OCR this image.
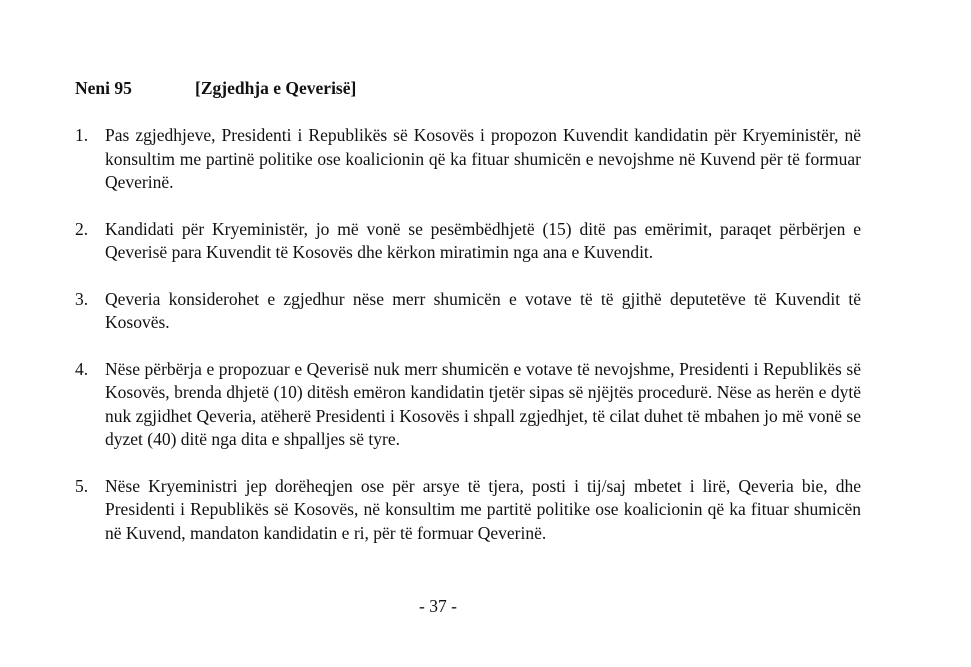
Neni 95	[Zgjedhja e Qeverisë]
1. Pas zgjedhjeve, Presidenti i Republikës së Kosovës i propozon Kuvendit kandidatin për Kryeministër, në konsultim me partinë politike ose koalicionin që ka fituar shumicën e nevojshme në Kuvend për të formuar Qeverinë.
2. Kandidati për Kryeministër, jo më vonë se pesëmbëdhjetë (15) ditë pas emërimit, paraqet përbërjen e Qeverisë para Kuvendit të Kosovës dhe kërkon miratimin nga ana e Kuvendit.
3. Qeveria konsiderohet e zgjedhur nëse merr shumicën e votave të të gjithë deputetëve të Kuvendit të Kosovës.
4. Nëse përbërja e propozuar e Qeverisë nuk merr shumicën e votave të nevojshme, Presidenti i Republikës së Kosovës, brenda dhjetë (10) ditësh emëron kandidatin tjetër sipas së njëjtës procedurë. Nëse as herën e dytë nuk zgjidhet Qeveria, atëherë Presidenti i Kosovës i shpall zgjedhjet, të cilat duhet të mbahen jo më vonë se dyzet (40) ditë nga dita e shpalljes së tyre.
5. Nëse Kryeministri jep dorëheqjen ose për arsye të tjera, posti i tij/saj mbetet i lirë, Qeveria bie, dhe Presidenti i Republikës së Kosovës, në konsultim me partitë politike ose koalicionin që ka fituar shumicën në Kuvend, mandaton kandidatin e ri, për të formuar Qeverinë.
- 37 -
